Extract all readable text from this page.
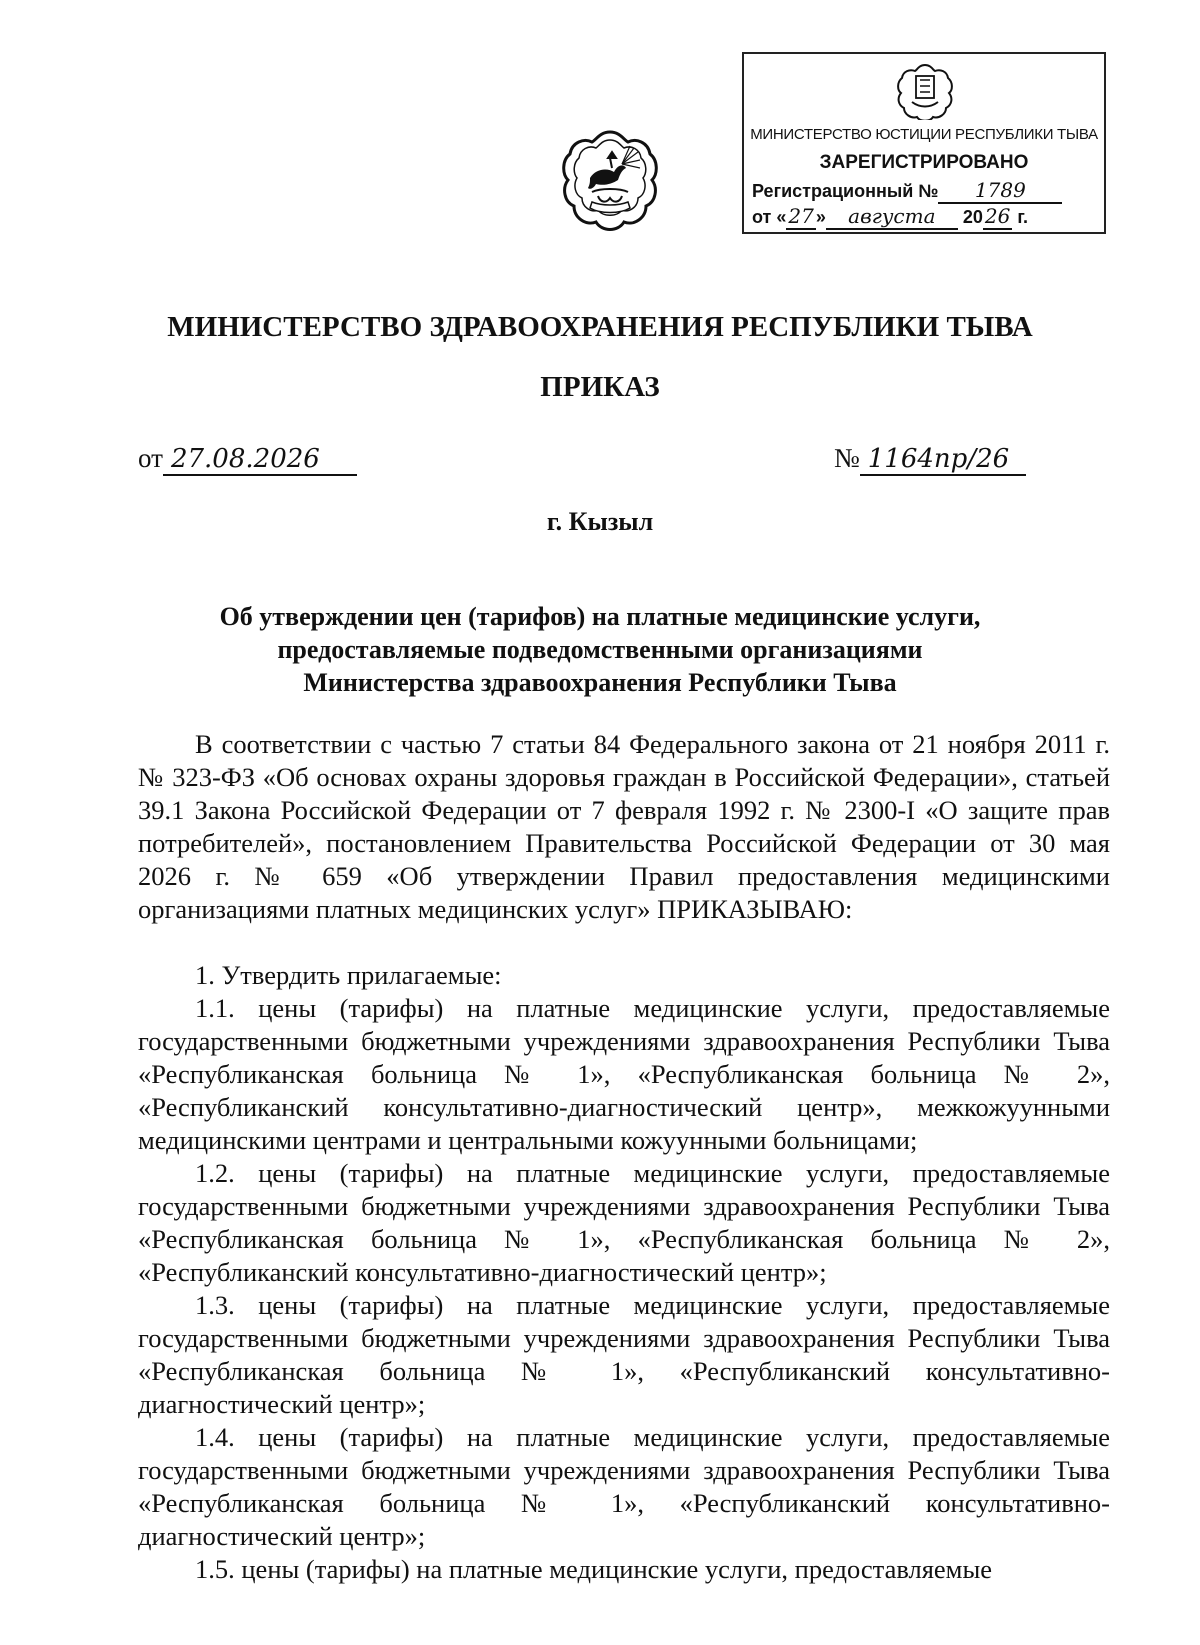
МИНИСТЕРСТВО ЮСТИЦИИ РЕСПУБЛИКИ ТЫВА
ЗАРЕГИСТРИРОВАНО
Регистрационный № 1789
от « 27 » августа 20 26 г.
МИНИСТЕРСТВО ЗДРАВООХРАНЕНИЯ РЕСПУБЛИКИ ТЫВА
ПРИКАЗ
от 27.08.2026	№ 1164пр/26
г. Кызыл
Об утверждении цен (тарифов) на платные медицинские услуги,
предоставляемые подведомственными организациями
Министерства здравоохранения Республики Тыва

В соответствии с частью 7 статьи 84 Федерального закона от 21 ноября 2011 г. № 323-ФЗ «Об основах охраны здоровья граждан в Российской Федерации», статьей 39.1 Закона Российской Федерации от 7 февраля 1992 г. № 2300-I «О защите прав потребителей», постановлением Правительства Российской Федерации от 30 мая 2026 г. № 659 «Об утверждении Правил предоставления медицинскими организациями платных медицинских услуг» ПРИКАЗЫВАЮ:

1. Утвердить прилагаемые:

1.1. цены (тарифы) на платные медицинские услуги, предоставляемые государственными бюджетными учреждениями здравоохранения Республики Тыва «Республиканская больница № 1», «Республиканская больница № 2», «Республиканский консультативно-диагностический центр», межкожуунными медицинскими центрами и центральными кожуунными больницами;

1.2. цены (тарифы) на платные медицинские услуги, предоставляемые государственными бюджетными учреждениями здравоохранения Республики Тыва «Республиканская больница № 1», «Республиканская больница № 2», «Республиканский консультативно-диагностический центр»;

1.3. цены (тарифы) на платные медицинские услуги, предоставляемые государственными бюджетными учреждениями здравоохранения Республики Тыва «Республиканская больница № 1», «Республиканский консультативно-диагностический центр»;

1.4. цены (тарифы) на платные медицинские услуги, предоставляемые государственными бюджетными учреждениями здравоохранения Республики Тыва «Республиканская больница № 1», «Республиканский консультативно-диагностический центр»;

1.5. цены (тарифы) на платные медицинские услуги, предоставляемые
